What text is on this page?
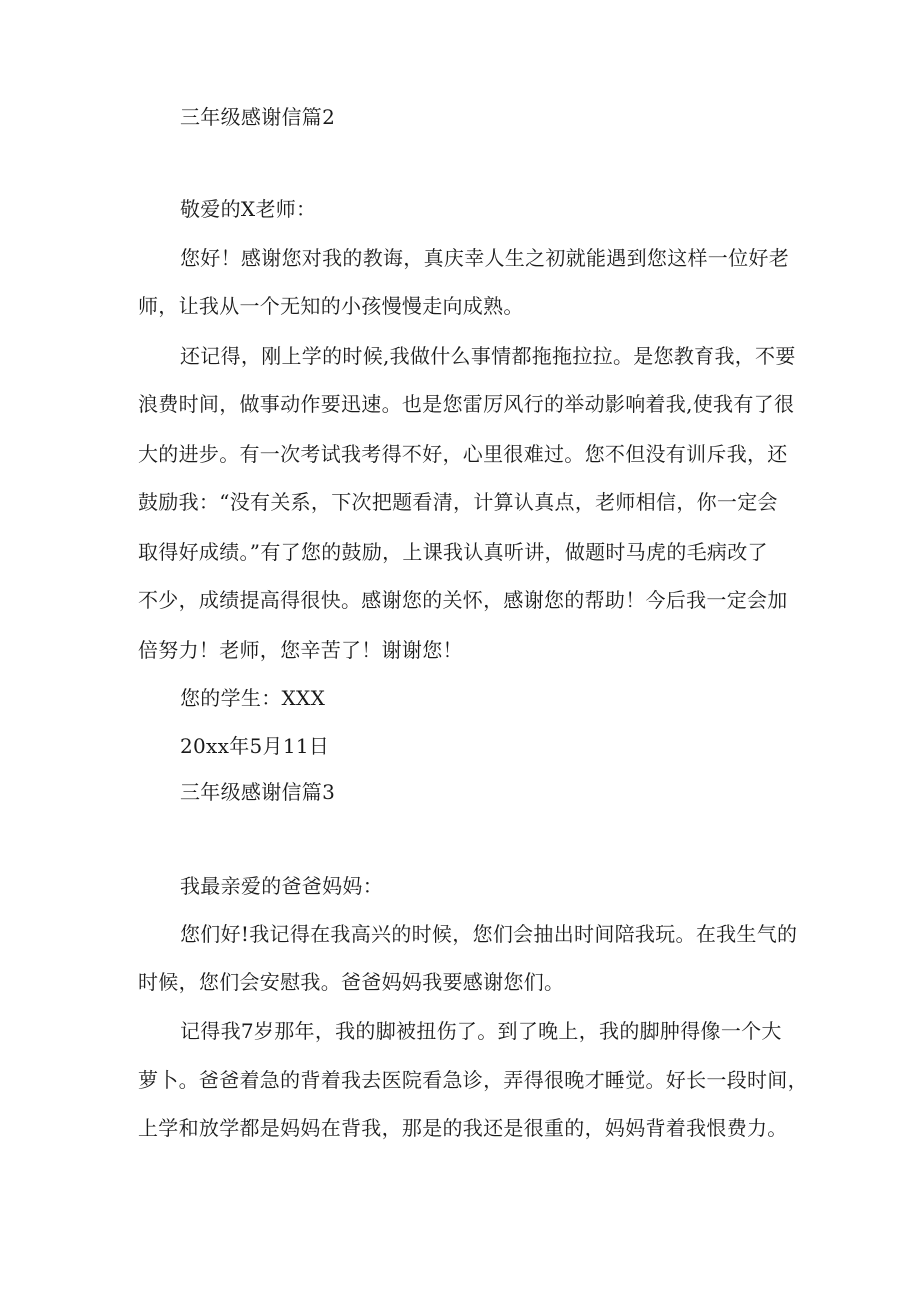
三年级感谢信篇2
敬爱的X老师：
您好！感谢您对我的教诲，真庆幸人生之初就能遇到您这样一位好老
师，让我从一个无知的小孩慢慢走向成熟。
还记得，刚上学的时候,我做什么事情都拖拖拉拉。是您教育我，不要
浪费时间，做事动作要迅速。也是您雷厉风行的举动影响着我,使我有了很
大的进步。有一次考试我考得不好，心里很难过。您不但没有训斥我，还
鼓励我：“没有关系，下次把题看清，计算认真点，老师相信，你一定会
取得好成绩。”有了您的鼓励，上课我认真听讲，做题时马虎的毛病改了
不少，成绩提高得很快。感谢您的关怀，感谢您的帮助！今后我一定会加
倍努力！老师，您辛苦了！谢谢您！
您的学生：XXX
20xx年5月11日
三年级感谢信篇3
我最亲爱的爸爸妈妈：
您们好!我记得在我高兴的时候，您们会抽出时间陪我玩。在我生气的
时候，您们会安慰我。爸爸妈妈我要感谢您们。
记得我7岁那年，我的脚被扭伤了。到了晚上，我的脚肿得像一个大
萝卜。爸爸着急的背着我去医院看急诊，弄得很晚才睡觉。好长一段时间，
上学和放学都是妈妈在背我，那是的我还是很重的，妈妈背着我恨费力。
